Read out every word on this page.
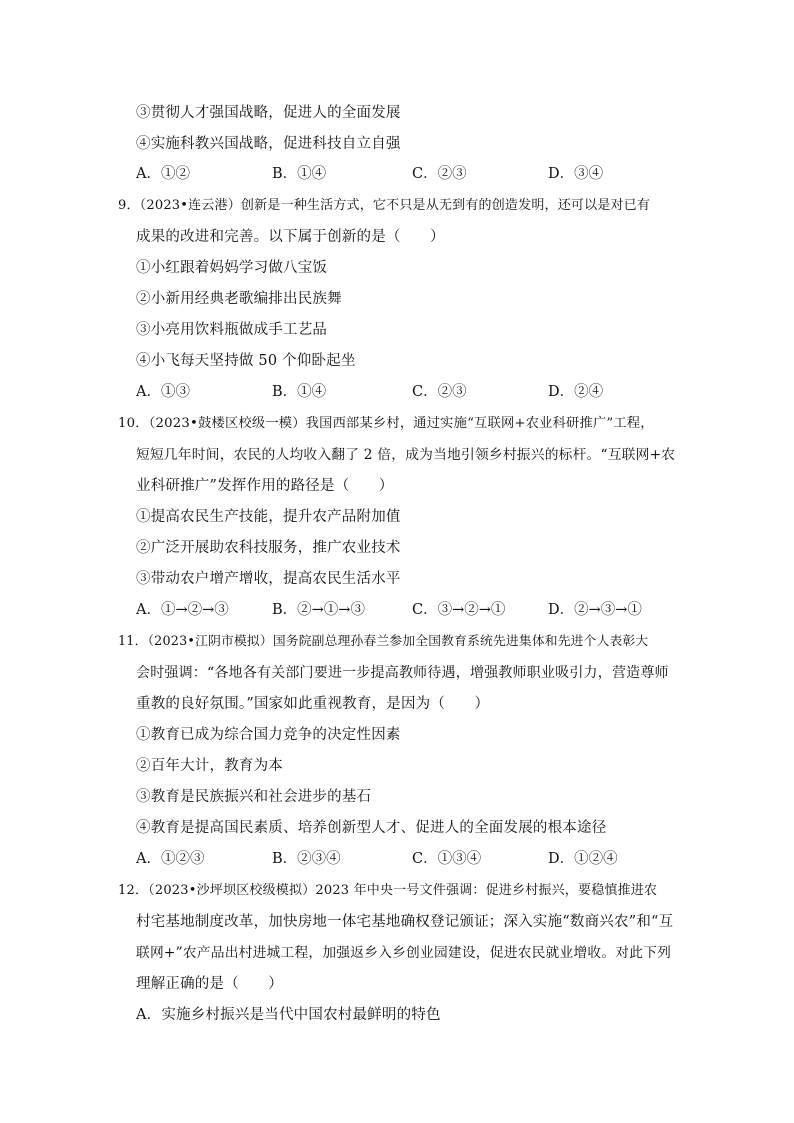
③贯彻人才强国战略，促进人的全面发展
④实施科教兴国战略，促进科技自立自强
A．①②	B．①④	C．②③	D．③④
9．（2023•连云港）创新是一种生活方式，它不只是从无到有的创造发明，还可以是对已有
成果的改进和完善。以下属于创新的是（　　）
①小红跟着妈妈学习做八宝饭
②小新用经典老歌编排出民族舞
③小亮用饮料瓶做成手工艺品
④小飞每天坚持做 50 个仰卧起坐
A．①③	B．①④	C．②③	D．②④
10．（2023•鼓楼区校级一模）我国西部某乡村，通过实施“互联网+农业科研推广”工程，
短短几年时间，农民的人均收入翻了 2 倍，成为当地引领乡村振兴的标杆。“互联网+农
业科研推广”发挥作用的路径是（　　）
①提高农民生产技能，提升农产品附加值
②广泛开展助农科技服务，推广农业技术
③带动农户增产增收，提高农民生活水平
A．①→②→③	B．②→①→③	C．③→②→①	D．②→③→①
11．（2023•江阴市模拟）国务院副总理孙春兰参加全国教育系统先进集体和先进个人表彰大
会时强调：“各地各有关部门要进一步提高教师待遇，增强教师职业吸引力，营造尊师
重教的良好氛围。”国家如此重视教育，是因为（　　）
①教育已成为综合国力竞争的决定性因素
②百年大计，教育为本
③教育是民族振兴和社会进步的基石
④教育是提高国民素质、培养创新型人才、促进人的全面发展的根本途径
A．①②③	B．②③④	C．①③④	D．①②④
12．（2023•沙坪坝区校级模拟）2023 年中央一号文件强调：促进乡村振兴，要稳慎推进农
村宅基地制度改革，加快房地一体宅基地确权登记颁证；深入实施“数商兴农”和“互
联网+”农产品出村进城工程，加强返乡入乡创业园建设，促进农民就业增收。对此下列
理解正确的是（　　）
A．实施乡村振兴是当代中国农村最鲜明的特色
